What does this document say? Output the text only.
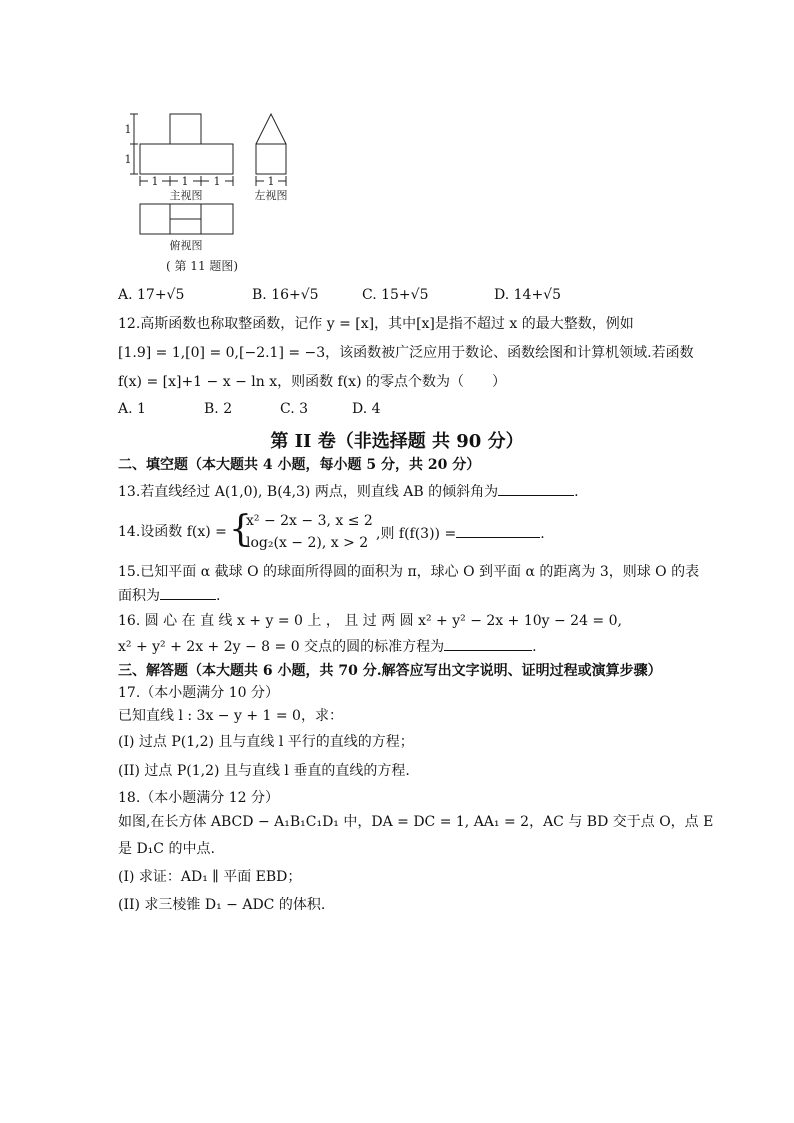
1
1
1 1 1	1
主视图	左视图
俯视图
( 第 11 题图)
A. 17+√5	B. 16+√5	C. 15+√5	D. 14+√5
12.高斯函数也称取整函数，记作 y = [x]，其中[x]是指不超过 x 的最大整数，例如
[1.9] = 1,[0] = 0,[−2.1] = −3，该函数被广泛应用于数论、函数绘图和计算机领域.若函数
f(x) = [x]+1 − x − ln x，则函数 f(x) 的零点个数为（　　）
A. 1	B. 2	C. 3	D. 4
第 II 卷（非选择题 共 90 分）
二、填空题（本大题共 4 小题，每小题 5 分，共 20 分）
13.若直线经过 A(1,0), B(4,3) 两点，则直线 AB 的倾斜角为	.
14.设函数 f(x) = {
x² − 2x − 3, x ≤ 2
log₂(x − 2), x > 2
,则 f(f(3)) =	.
15.已知平面 α 截球 O 的球面所得圆的面积为 π，球心 O 到平面 α 的距离为 3，则球 O 的表
面积为	.
16. 圆 心 在 直 线 x + y = 0 上 ， 且 过 两 圆 x² + y² − 2x + 10y − 24 = 0,
x² + y² + 2x + 2y − 8 = 0 交点的圆的标准方程为	.
三、解答题（本大题共 6 小题，共 70 分.解答应写出文字说明、证明过程或演算步骤）
17.（本小题满分 10 分）
已知直线 l : 3x − y + 1 = 0，求：
(I) 过点 P(1,2) 且与直线 l 平行的直线的方程；
(II) 过点 P(1,2) 且与直线 l 垂直的直线的方程.
18.（本小题满分 12 分）
如图,在长方体 ABCD − A₁B₁C₁D₁ 中，DA = DC = 1, AA₁ = 2，AC 与 BD 交于点 O，点 E
是 D₁C 的中点.
(I) 求证：AD₁ ∥ 平面 EBD；
(II) 求三棱锥 D₁ − ADC 的体积.
